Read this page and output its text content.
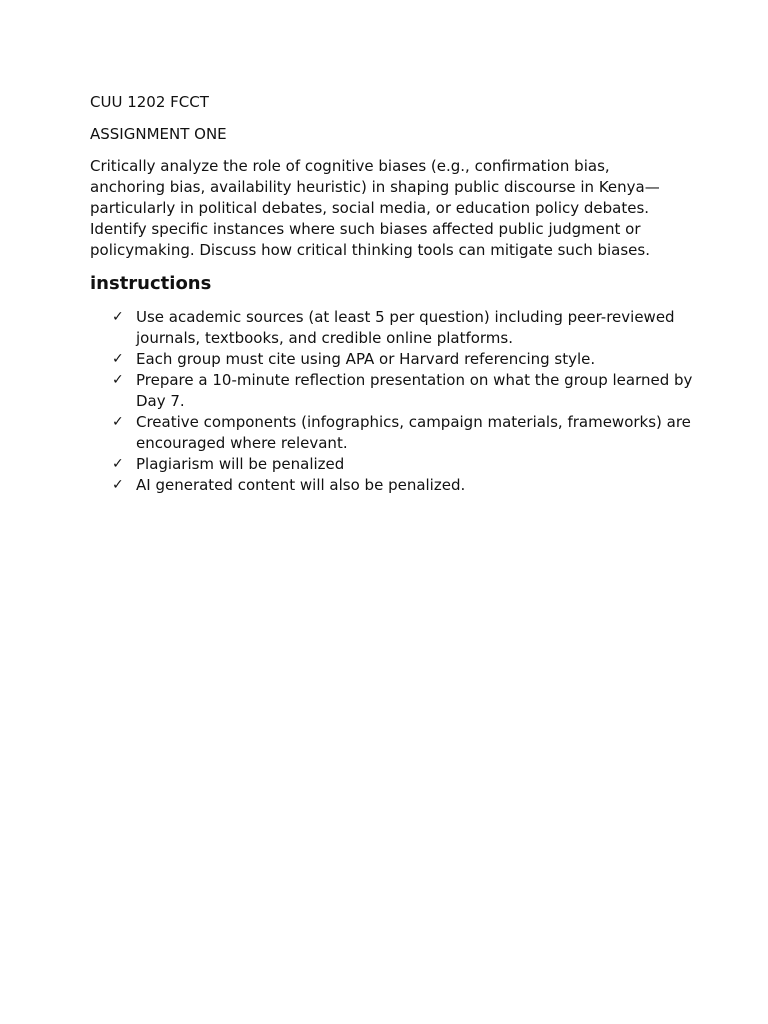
CUU 1202 FCCT

ASSIGNMENT ONE

Critically analyze the role of cognitive biases (e.g., confirmation bias, anchoring bias, availability heuristic) in shaping public discourse in Kenya—particularly in political debates, social media, or education policy debates. Identify specific instances where such biases affected public judgment or policymaking. Discuss how critical thinking tools can mitigate such biases.

instructions
✓ Use academic sources (at least 5 per question) including peer-reviewed journals, textbooks, and credible online platforms.
✓ Each group must cite using APA or Harvard referencing style.
✓ Prepare a 10-minute reflection presentation on what the group learned by Day 7.
✓ Creative components (infographics, campaign materials, frameworks) are encouraged where relevant.
✓ Plagiarism will be penalized
✓ AI generated content will also be penalized.
